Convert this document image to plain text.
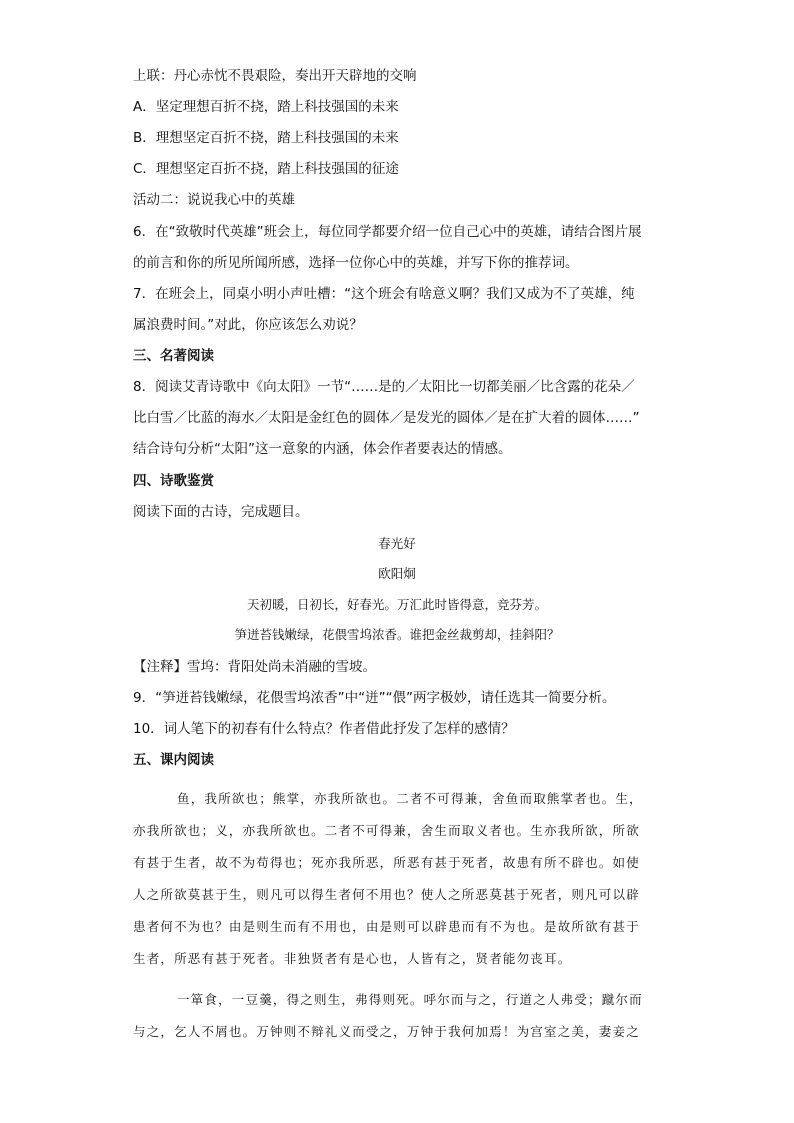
上联：丹心赤忱不畏艰险，奏出开天辟地的交响
A．坚定理想百折不挠，踏上科技强国的未来
B．理想坚定百折不挠，踏上科技强国的未来
C．理想坚定百折不挠，踏上科技强国的征途
活动二：说说我心中的英雄
6．在“致敬时代英雄”班会上，每位同学都要介绍一位自己心中的英雄，请结合图片展
的前言和你的所见所闻所感，选择一位你心中的英雄，并写下你的推荐词。
7．在班会上，同桌小明小声吐槽：“这个班会有啥意义啊？我们又成为不了英雄，纯
属浪费时间。”对此，你应该怎么劝说？
三、名著阅读
8．阅读艾青诗歌中《向太阳》一节“……是的／太阳比一切都美丽／比含露的花朵／
比白雪／比蓝的海水／太阳是金红色的圆体／是发光的圆体／是在扩大着的圆体……”
结合诗句分析“太阳”这一意象的内涵，体会作者要表达的情感。
四、诗歌鉴赏
阅读下面的古诗，完成题目。
春光好
欧阳炯
天初暖，日初长，好春光。万汇此时皆得意，竞芬芳。
笋迸苔钱嫩绿，花偎雪坞浓香。谁把金丝裁剪却，挂斜阳？
【注释】雪坞：背阳处尚未消融的雪坡。
9．“笋迸苔钱嫩绿，花偎雪坞浓香”中“迸”“偎”两字极妙，请任选其一简要分析。
10．词人笔下的初春有什么特点？作者借此抒发了怎样的感情？
五、课内阅读
鱼，我所欲也；熊掌，亦我所欲也。二者不可得兼，舍鱼而取熊掌者也。生，
亦我所欲也；义，亦我所欲也。二者不可得兼，舍生而取义者也。生亦我所欲，所欲
有甚于生者，故不为苟得也；死亦我所恶，所恶有甚于死者，故患有所不辟也。如使
人之所欲莫甚于生，则凡可以得生者何不用也？使人之所恶莫甚于死者，则凡可以辟
患者何不为也？由是则生而有不用也，由是则可以辟患而有不为也。是故所欲有甚于
生者，所恶有甚于死者。非独贤者有是心也，人皆有之，贤者能勿丧耳。
一箪食，一豆羹，得之则生，弗得则死。呼尔而与之，行道之人弗受；蹴尔而
与之，乞人不屑也。万钟则不辩礼义而受之，万钟于我何加焉！为宫室之美，妻妾之
